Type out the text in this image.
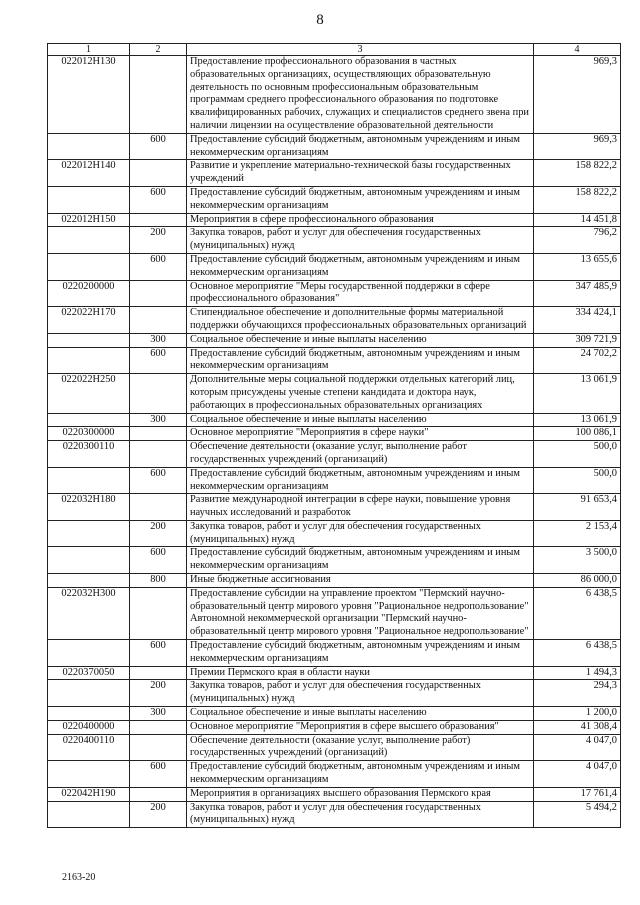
8
1	2	3	4
022012Н130		Предоставление профессионального образования в частных образовательных организациях, осуществляющих образовательную деятельность по основным профессиональным образовательным программам среднего профессионального образования по подготовке квалифицированных рабочих, служащих и специалистов среднего звена при наличии лицензии на осуществление образовательной деятельности	969,3
	600	Предоставление субсидий бюджетным, автономным учреждениям и иным некоммерческим организациям	969,3
022012Н140		Развитие и укрепление материально-технической базы государственных учреждений	158 822,2
	600	Предоставление субсидий бюджетным, автономным учреждениям и иным некоммерческим организациям	158 822,2
022012Н150		Мероприятия в сфере профессионального образования	14 451,8
	200	Закупка товаров, работ и услуг для обеспечения государственных (муниципальных) нужд	796,2
	600	Предоставление субсидий бюджетным, автономным учреждениям и иным некоммерческим организациям	13 655,6
0220200000		Основное мероприятие "Меры государственной поддержки в сфере профессионального образования"	347 485,9
022022Н170		Стипендиальное обеспечение и дополнительные формы материальной поддержки обучающихся профессиональных образовательных организаций	334 424,1
	300	Социальное обеспечение и иные выплаты населению	309 721,9
	600	Предоставление субсидий бюджетным, автономным учреждениям и иным некоммерческим организациям	24 702,2
022022Н250		Дополнительные меры социальной поддержки отдельных категорий лиц, которым присуждены ученые степени кандидата и доктора наук, работающих в профессиональных образовательных организациях	13 061,9
	300	Социальное обеспечение и иные выплаты населению	13 061,9
0220300000		Основное мероприятие "Мероприятия в сфере науки"	100 086,1
0220300110		Обеспечение деятельности (оказание услуг, выполнение работ государственных учреждений (организаций)	500,0
	600	Предоставление субсидий бюджетным, автономным учреждениям и иным некоммерческим организациям	500,0
022032Н180		Развитие международной интеграции в сфере науки, повышение уровня научных исследований и разработок	91 653,4
	200	Закупка товаров, работ и услуг для обеспечения государственных (муниципальных) нужд	2 153,4
	600	Предоставление субсидий бюджетным, автономным учреждениям и иным некоммерческим организациям	3 500,0
	800	Иные бюджетные ассигнования	86 000,0
022032Н300		Предоставление субсидии на управление проектом "Пермский научно-образовательный центр мирового уровня "Рациональное недропользование" Автономной некоммерческой организации "Пермский научно-образовательный центр мирового уровня "Рациональное недропользование"	6 438,5
	600	Предоставление субсидий бюджетным, автономным учреждениям и иным некоммерческим организациям	6 438,5
0220370050		Премии Пермского края в области науки	1 494,3
	200	Закупка товаров, работ и услуг для обеспечения государственных (муниципальных) нужд	294,3
	300	Социальное обеспечение и иные выплаты населению	1 200,0
0220400000		Основное мероприятие "Мероприятия в сфере высшего образования"	41 308,4
0220400110		Обеспечение деятельности (оказание услуг, выполнение работ) государственных учреждений (организаций)	4 047,0
	600	Предоставление субсидий бюджетным, автономным учреждениям и иным некоммерческим организациям	4 047,0
022042Н190		Мероприятия в организациях высшего образования Пермского края	17 761,4
	200	Закупка товаров, работ и услуг для обеспечения государственных (муниципальных) нужд	5 494,2
2163-20
